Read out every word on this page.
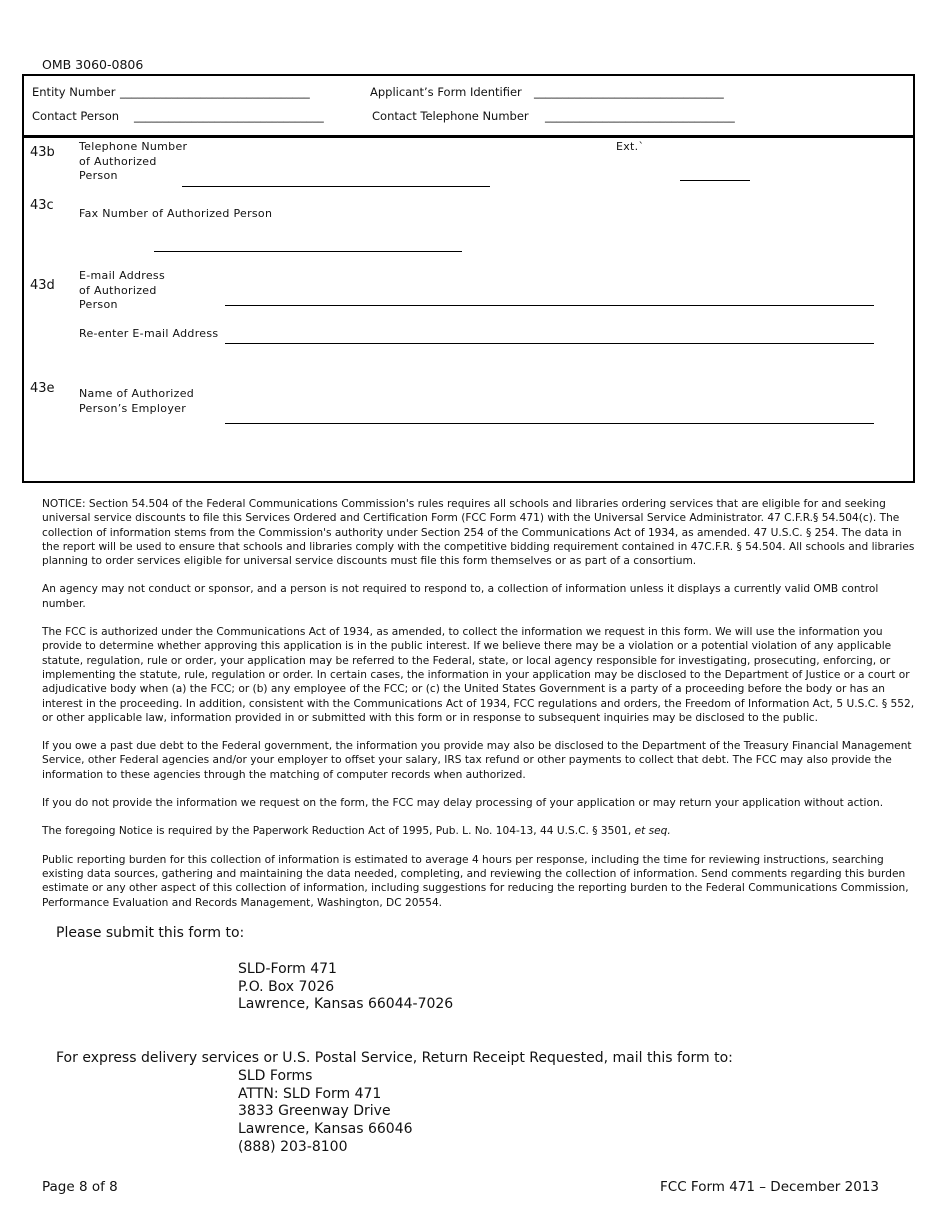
OMB 3060-0806
Entity Number _________________________________	Applicant’s Form Identifier _________________________________
Contact Person _________________________________	Contact Telephone Number _________________________________
43b Telephone Number
of Authorized
Person
Ext.`
43c
Fax Number of Authorized Person
43d
E-mail Address
of Authorized
Person
Re-enter E-mail Address
43e Name of Authorized
Person’s Employer

NOTICE: Section 54.504 of the Federal Communications Commission's rules requires all schools and libraries ordering services that are eligible for and seeking universal service discounts to file this Services Ordered and Certification Form (FCC Form 471) with the Universal Service Administrator. 47 C.F.R.§ 54.504(c). The collection of information stems from the Commission's authority under Section 254 of the Communications Act of 1934, as amended. 47 U.S.C. § 254. The data in the report will be used to ensure that schools and libraries comply with the competitive bidding requirement contained in 47C.F.R. § 54.504. All schools and libraries planning to order services eligible for universal service discounts must file this form themselves or as part of a consortium.

An agency may not conduct or sponsor, and a person is not required to respond to, a collection of information unless it displays a currently valid OMB control number.

The FCC is authorized under the Communications Act of 1934, as amended, to collect the information we request in this form. We will use the information you provide to determine whether approving this application is in the public interest. If we believe there may be a violation or a potential violation of any applicable statute, regulation, rule or order, your application may be referred to the Federal, state, or local agency responsible for investigating, prosecuting, enforcing, or implementing the statute, rule, regulation or order. In certain cases, the information in your application may be disclosed to the Department of Justice or a court or adjudicative body when (a) the FCC; or (b) any employee of the FCC; or (c) the United States Government is a party of a proceeding before the body or has an interest in the proceeding. In addition, consistent with the Communications Act of 1934, FCC regulations and orders, the Freedom of Information Act, 5 U.S.C. § 552, or other applicable law, information provided in or submitted with this form or in response to subsequent inquiries may be disclosed to the public.

If you owe a past due debt to the Federal government, the information you provide may also be disclosed to the Department of the Treasury Financial Management Service, other Federal agencies and/or your employer to offset your salary, IRS tax refund or other payments to collect that debt. The FCC may also provide the information to these agencies through the matching of computer records when authorized.

If you do not provide the information we request on the form, the FCC may delay processing of your application or may return your application without action.

The foregoing Notice is required by the Paperwork Reduction Act of 1995, Pub. L. No. 104-13, 44 U.S.C. § 3501, et seq.

Public reporting burden for this collection of information is estimated to average 4 hours per response, including the time for reviewing instructions, searching existing data sources, gathering and maintaining the data needed, completing, and reviewing the collection of information. Send comments regarding this burden estimate or any other aspect of this collection of information, including suggestions for reducing the reporting burden to the Federal Communications Commission, Performance Evaluation and Records Management, Washington, DC 20554.

Please submit this form to:
SLD-Form 471
P.O. Box 7026
Lawrence, Kansas 66044-7026
For express delivery services or U.S. Postal Service, Return Receipt Requested, mail this form to:
SLD Forms
ATTN: SLD Form 471
3833 Greenway Drive
Lawrence, Kansas 66046
(888) 203-8100
Page 8 of 8	FCC Form 471 – December 2013
